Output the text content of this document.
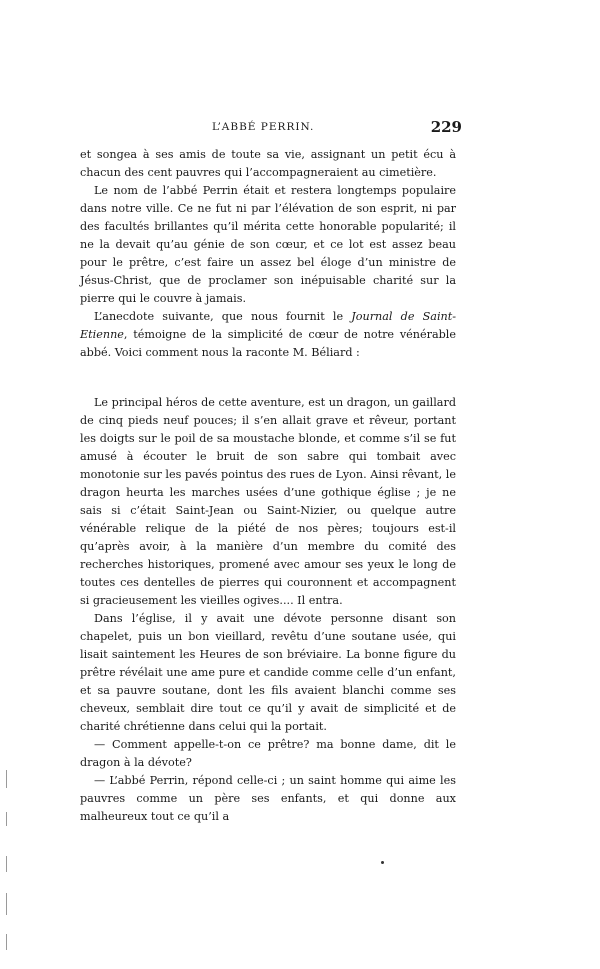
L’ABBÉ PERRIN.	229

et songea à ses amis de toute sa vie, assignant un petit écu à chacun des cent pauvres qui l’accompagneraient au cimetière.

Le nom de l’abbé Perrin était et restera longtemps populaire dans notre ville. Ce ne fut ni par l’élévation de son esprit, ni par des facultés brillantes qu’il mérita cette honorable popularité; il ne la devait qu’au génie de son cœur, et ce lot est assez beau pour le prêtre, c’est faire un assez bel éloge d’un ministre de Jésus-Christ, que de proclamer son inépuisable charité sur la pierre qui le couvre à jamais.

L’anecdote suivante, que nous fournit le Journal de Saint-Etienne, témoigne de la simplicité de cœur de notre vénérable abbé. Voici comment nous la raconte M. Béliard :

Le principal héros de cette aventure, est un dragon, un gaillard de cinq pieds neuf pouces; il s’en allait grave et rêveur, portant les doigts sur le poil de sa moustache blonde, et comme s’il se fut amusé à écouter le bruit de son sabre qui tombait avec monotonie sur les pavés pointus des rues de Lyon. Ainsi rêvant, le dragon heurta les marches usées d’une gothique église ; je ne sais si c’était Saint-Jean ou Saint-Nizier, ou quelque autre vénérable relique de la piété de nos pères; toujours est-il qu’après avoir, à la manière d’un membre du comité des recherches historiques, promené avec amour ses yeux le long de toutes ces dentelles de pierres qui couronnent et accompagnent si gracieusement les vieilles ogives.... Il entra.

Dans l’église, il y avait une dévote personne disant son chapelet, puis un bon vieillard, revêtu d’une soutane usée, qui lisait saintement les Heures de son bréviaire. La bonne figure du prêtre révélait une ame pure et candide comme celle d’un enfant, et sa pauvre soutane, dont les fils avaient blanchi comme ses cheveux, semblait dire tout ce qu’il y avait de simplicité et de charité chrétienne dans celui qui la portait.

— Comment appelle-t-on ce prêtre? ma bonne dame, dit le dragon à la dévote?

— L’abbé Perrin, répond celle-ci ; un saint homme qui aime les pauvres comme un père ses enfants, et qui donne aux malheureux tout ce qu’il a
